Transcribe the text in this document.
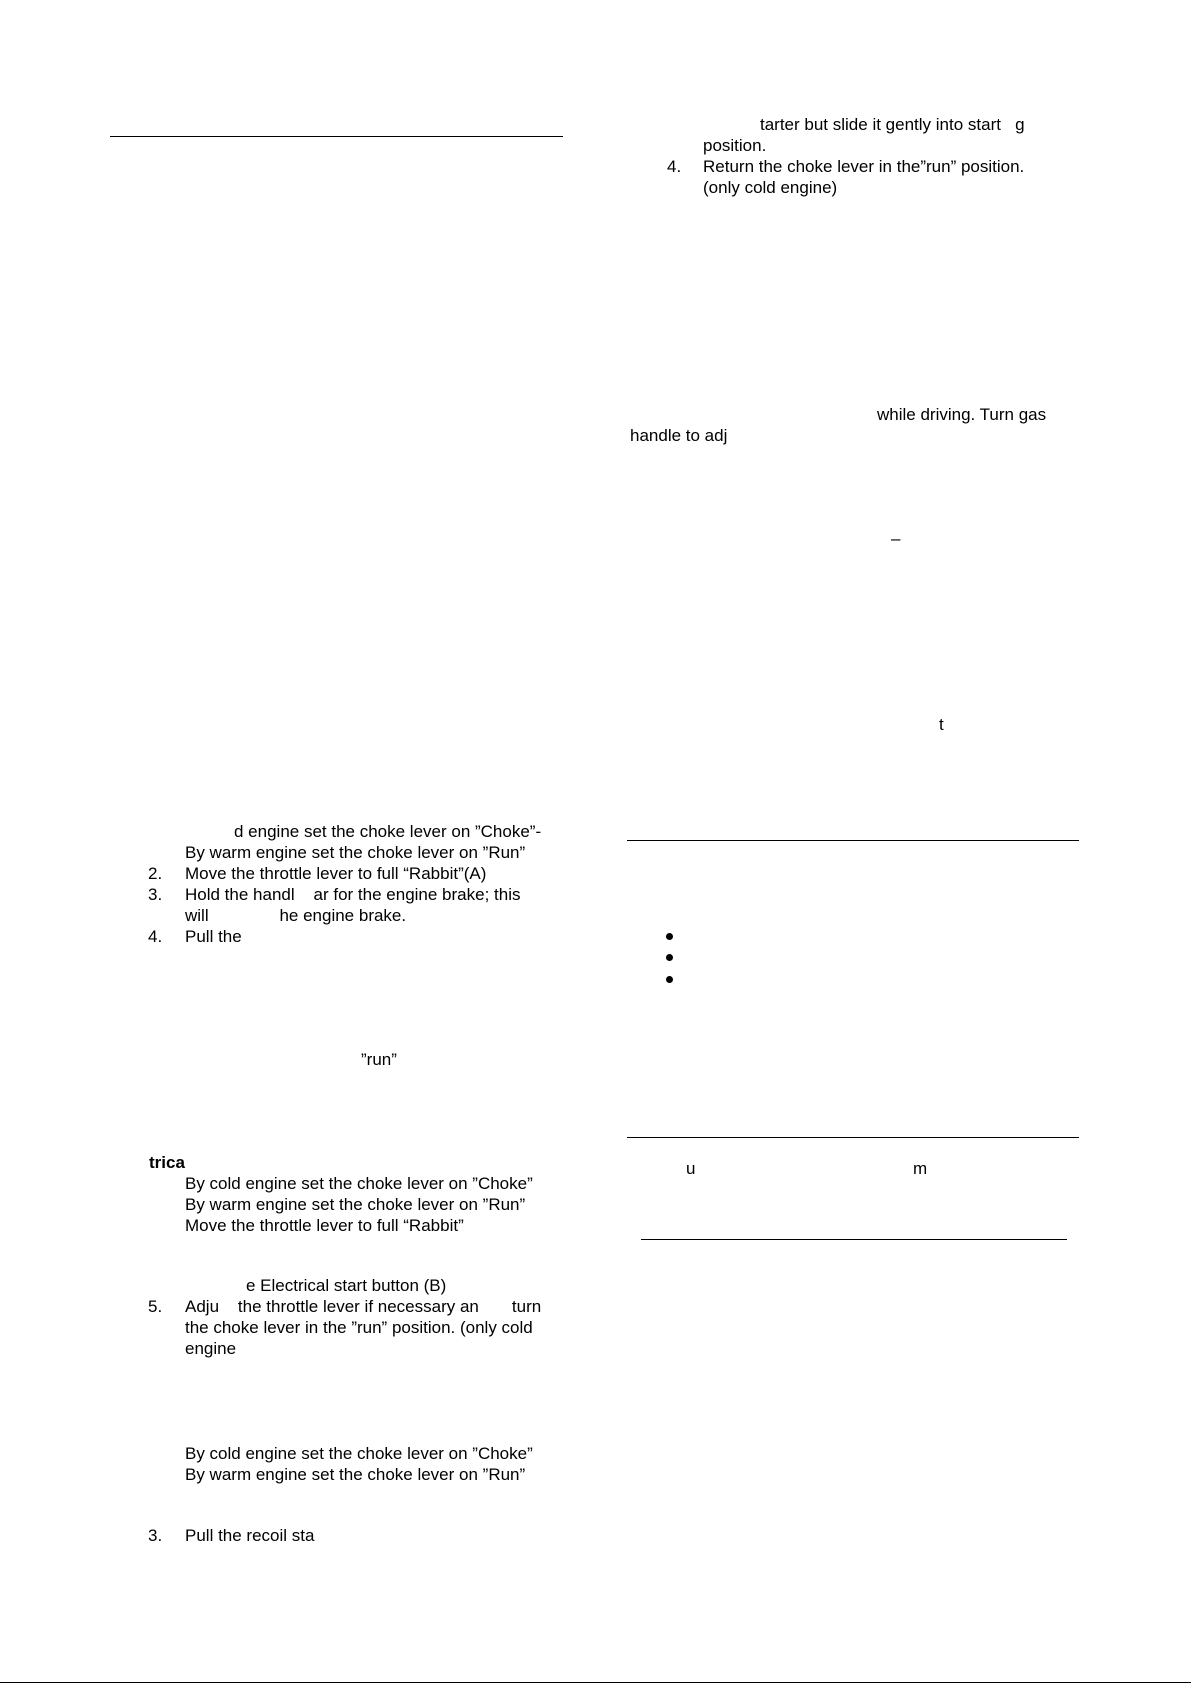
d engine set the choke lever on ”Choke”-
By warm engine set the choke lever on ”Run”
2. Move the throttle lever to full “Rabbit”(A)
3. Hold the handl    ar for the engine brake; this
will               he engine brake.
4. Pull the
”run”
trica
By cold engine set the choke lever on ”Choke”
By warm engine set the choke lever on ”Run”
Move the throttle lever to full “Rabbit”
e Electrical start button (B)
5. Adju    the throttle lever if necessary an       turn
the choke lever in the ”run” position. (only cold
engine
By cold engine set the choke lever on ”Choke”
By warm engine set the choke lever on ”Run”
3. Pull the recoil sta
tarter but slide it gently into start   g
position.
4. Return the choke lever in the”run” position.
(only cold engine)
while driving. Turn gas
handle to adj
–
t
u	m
